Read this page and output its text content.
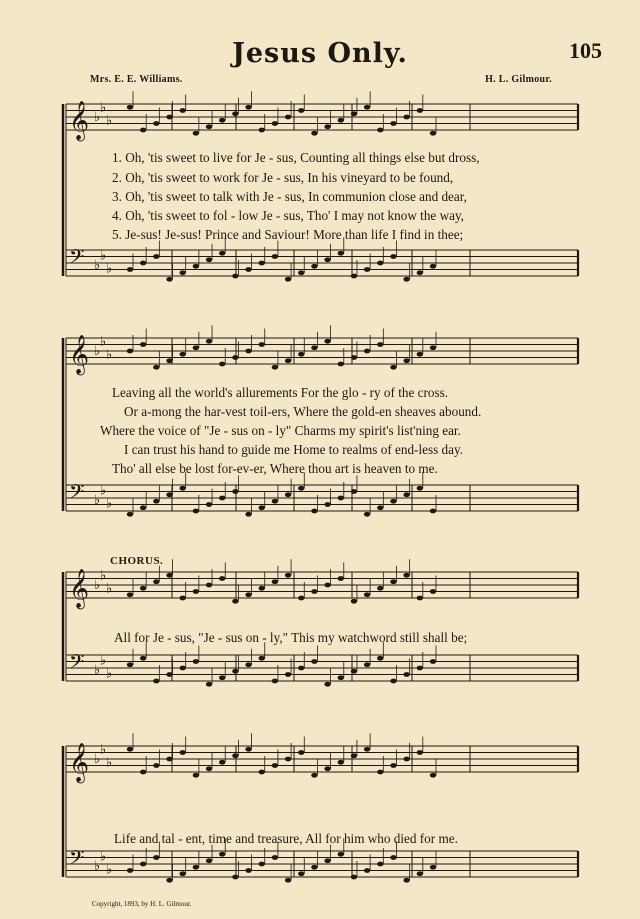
𝄞 ♭
♭
♭
𝄢 ♭
♭
♭
𝄞 ♭
♭
♭
𝄢 ♭
♭
♭
𝄞 ♭
♭
♭
𝄢 ♭
♭
♭
𝄞 ♭
♭
♭
𝄢 ♭
♭
♭
Jesus Only.	105
Mrs. E. E. Williams.	H. L. Gilmour.
1. Oh, 'tis sweet to live for Je - sus, Counting all things else but dross,
2. Oh, 'tis sweet to work for Je - sus, In his vineyard to be found,
3. Oh, 'tis sweet to talk with Je - sus, In communion close and dear,
4. Oh, 'tis sweet to fol - low Je - sus, Tho' I may not know the way,
5. Je-sus! Je-sus! Prince and Saviour! More than life I find in thee;
Leaving all the world's allurements For the glo - ry of the cross.
Or a-mong the har-vest toil-ers, Where the gold-en sheaves abound.
Where the voice of "Je - sus on - ly" Charms my spirit's list'ning ear.
I can trust his hand to guide me Home to realms of end-less day.
Tho' all else be lost for-ev-er, Where thou art is heaven to me.
CHORUS.
All for Je - sus, "Je - sus on - ly," This my watchword still shall be;
Life and tal - ent, time and treasure, All for him who died for me.
Copyright, 1893, by H. L. Gilmour.
